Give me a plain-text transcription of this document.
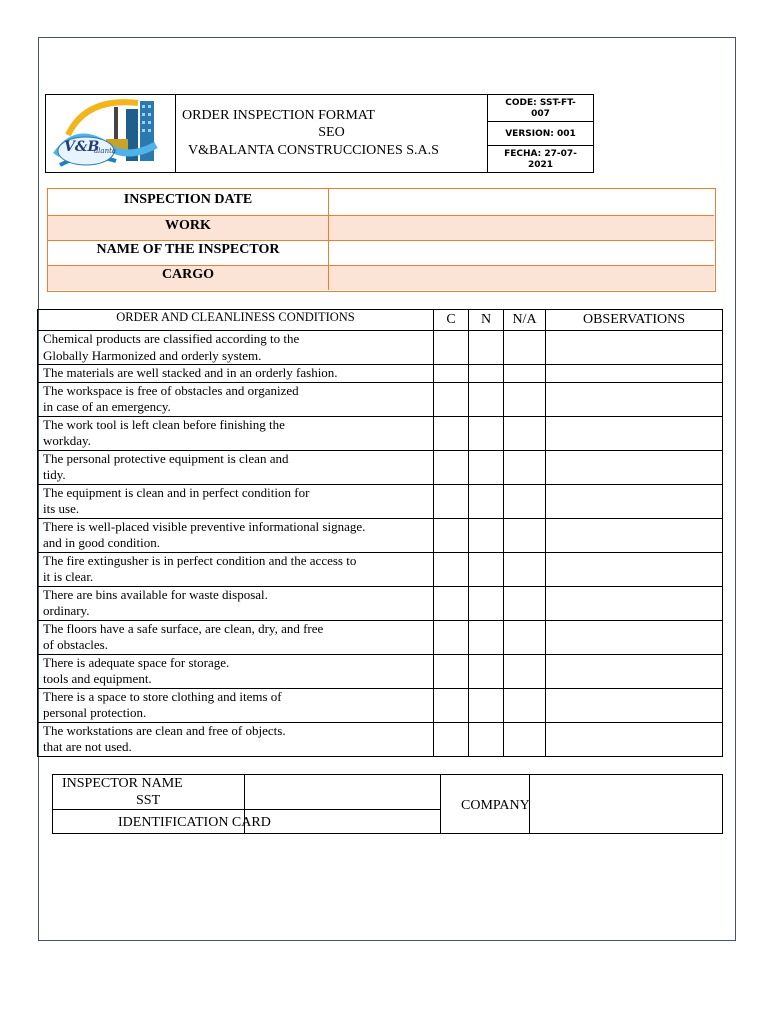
V&B
alanta
ORDER INSPECTION FORMAT
SEO
V&BALANTA CONSTRUCCIONES S.A.S
CODE: SST-FT-
007
VERSION: 001
FECHA: 27-07-
2021
INSPECTION DATE
WORK
NAME OF THE INSPECTOR
CARGO
ORDER AND CLEANLINESS CONDITIONS	C	N	N/A	OBSERVATIONS

Chemical products are classified according to the
Globally Harmonized and orderly system.				

The materials are well stacked and in an orderly fashion.				

The workspace is free of obstacles and organized
in case of an emergency.				

The work tool is left clean before finishing the
workday.				

The personal protective equipment is clean and
tidy.				

The equipment is clean and in perfect condition for
its use.				

There is well-placed visible preventive informational signage.
and in good condition.				

The fire extingusher is in perfect condition and the access to
it is clear.				

There are bins available for waste disposal.
ordinary.				

The floors have a safe surface, are clean, dry, and free
of obstacles.				

There is adequate space for storage.
tools and equipment.				

There is a space to store clothing and items of
personal protection.				

The workstations are clean and free of objects.
that are not used.				

INSPECTOR NAME
SST
IDENTIFICATION CARD
COMPANY
